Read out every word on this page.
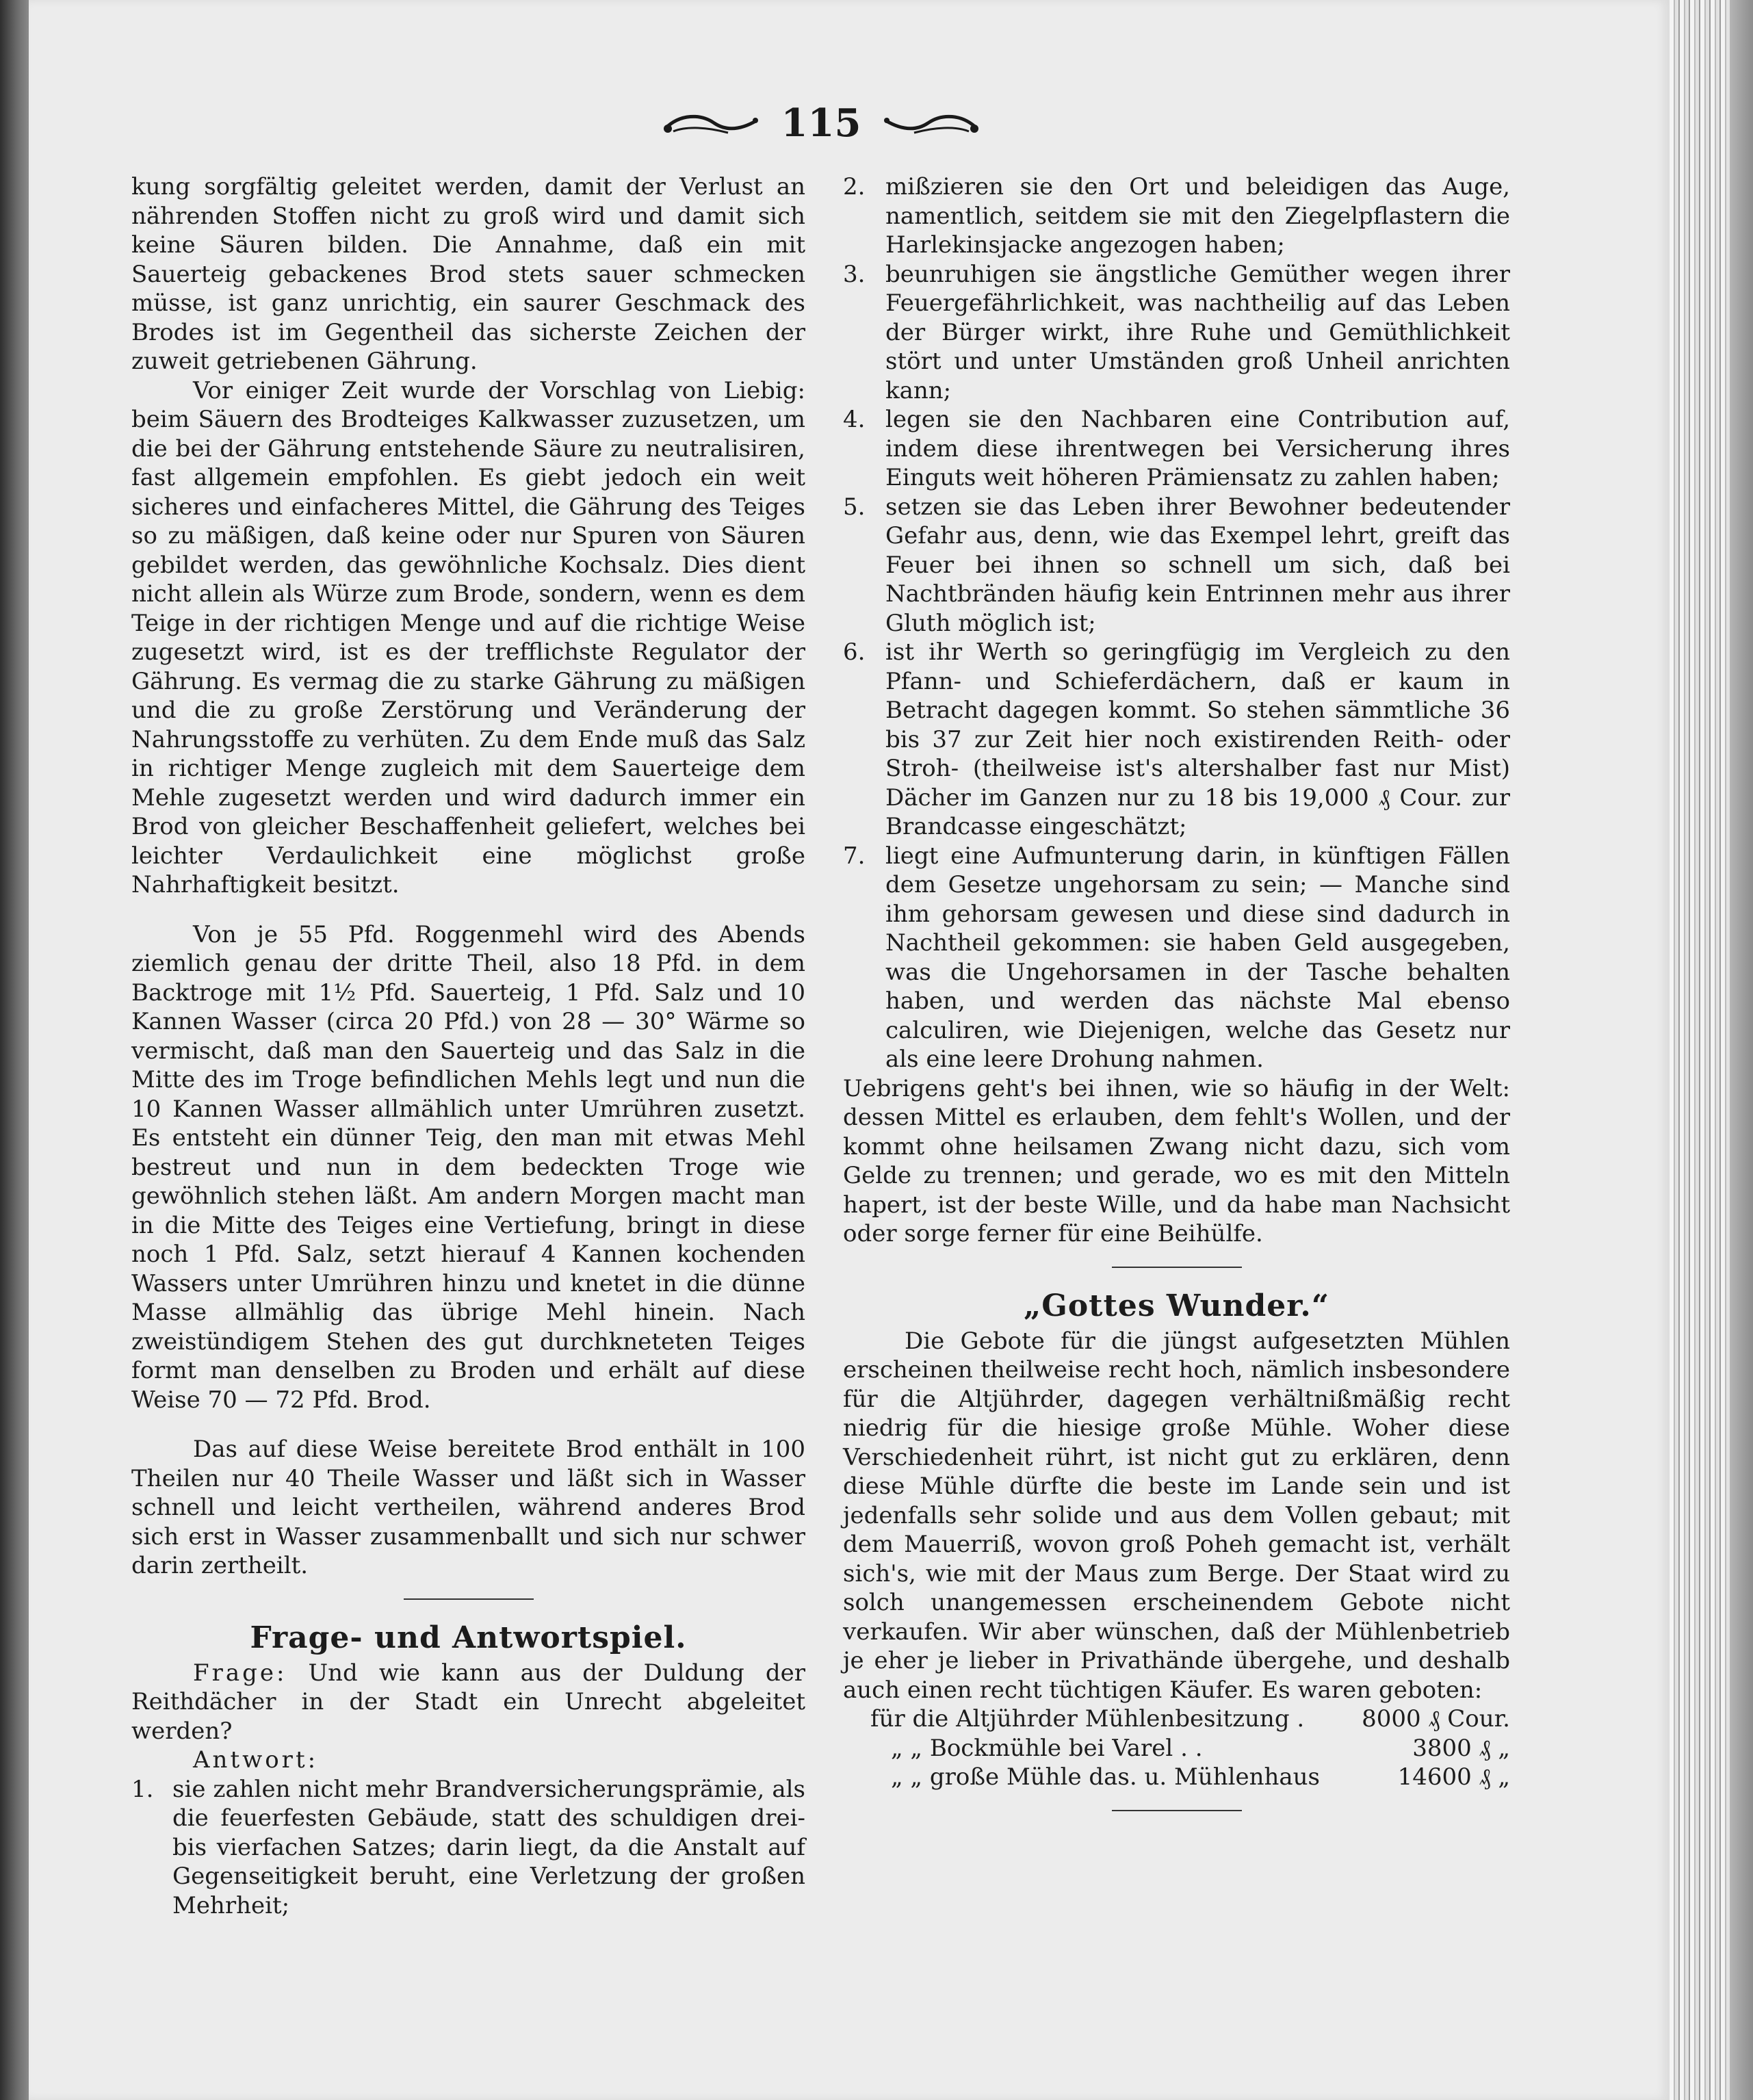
115

kung sorgfältig geleitet werden, damit der Verlust an nährenden Stoffen nicht zu groß wird und damit sich keine Säuren bilden. Die Annahme, daß ein mit Sauerteig gebackenes Brod stets sauer schmecken müsse, ist ganz unrichtig, ein saurer Geschmack des Brodes ist im Gegentheil das sicherste Zeichen der zuweit getriebenen Gährung.

Vor einiger Zeit wurde der Vorschlag von Liebig: beim Säuern des Brodteiges Kalkwasser zuzusetzen, um die bei der Gährung entstehende Säure zu neutralisiren, fast allgemein empfohlen. Es giebt jedoch ein weit sicheres und einfacheres Mittel, die Gährung des Teiges so zu mäßigen, daß keine oder nur Spuren von Säuren gebildet werden, das gewöhnliche Kochsalz. Dies dient nicht allein als Würze zum Brode, sondern, wenn es dem Teige in der richtigen Menge und auf die richtige Weise zugesetzt wird, ist es der trefflichste Regulator der Gährung. Es vermag die zu starke Gährung zu mäßigen und die zu große Zerstörung und Veränderung der Nahrungsstoffe zu verhüten. Zu dem Ende muß das Salz in richtiger Menge zugleich mit dem Sauerteige dem Mehle zugesetzt werden und wird dadurch immer ein Brod von gleicher Beschaffenheit geliefert, welches bei leichter Verdaulichkeit eine möglichst große Nahrhaftigkeit besitzt.

Von je 55 Pfd. Roggenmehl wird des Abends ziemlich genau der dritte Theil, also 18 Pfd. in dem Backtroge mit 1½ Pfd. Sauerteig, 1 Pfd. Salz und 10 Kannen Wasser (circa 20 Pfd.) von 28 — 30° Wärme so vermischt, daß man den Sauerteig und das Salz in die Mitte des im Troge befindlichen Mehls legt und nun die 10 Kannen Wasser allmählich unter Umrühren zusetzt. Es entsteht ein dünner Teig, den man mit etwas Mehl bestreut und nun in dem bedeckten Troge wie gewöhnlich stehen läßt. Am andern Morgen macht man in die Mitte des Teiges eine Vertiefung, bringt in diese noch 1 Pfd. Salz, setzt hierauf 4 Kannen kochenden Wassers unter Umrühren hinzu und knetet in die dünne Masse allmählig das übrige Mehl hinein. Nach zweistündigem Stehen des gut durchkneteten Teiges formt man denselben zu Broden und erhält auf diese Weise 70 — 72 Pfd. Brod.

Das auf diese Weise bereitete Brod enthält in 100 Theilen nur 40 Theile Wasser und läßt sich in Wasser schnell und leicht vertheilen, während anderes Brod sich erst in Wasser zusammenballt und sich nur schwer darin zertheilt.

Frage- und Antwortspiel.

Frage: Und wie kann aus der Duldung der Reithdächer in der Stadt ein Unrecht abgeleitet werden?

Antwort:

1. sie zahlen nicht mehr Brandversicherungsprämie, als die feuerfesten Gebäude, statt des schuldigen drei- bis vierfachen Satzes; darin liegt, da die Anstalt auf Gegenseitigkeit beruht, eine Verletzung der großen Mehrheit;
2. mißzieren sie den Ort und beleidigen das Auge, namentlich, seitdem sie mit den Ziegelpflastern die Harlekinsjacke angezogen haben;
3. beunruhigen sie ängstliche Gemüther wegen ihrer Feuergefährlichkeit, was nachtheilig auf das Leben der Bürger wirkt, ihre Ruhe und Gemüthlichkeit stört und unter Umständen groß Unheil anrichten kann;
4. legen sie den Nachbaren eine Contribution auf, indem diese ihrentwegen bei Versicherung ihres Einguts weit höheren Prämiensatz zu zahlen haben;
5. setzen sie das Leben ihrer Bewohner bedeutender Gefahr aus, denn, wie das Exempel lehrt, greift das Feuer bei ihnen so schnell um sich, daß bei Nachtbränden häufig kein Entrinnen mehr aus ihrer Gluth möglich ist;
6. ist ihr Werth so geringfügig im Vergleich zu den Pfann- und Schieferdächern, daß er kaum in Betracht dagegen kommt. So stehen sämmtliche 36 bis 37 zur Zeit hier noch existirenden Reith- oder Stroh- (theilweise ist's altershalber fast nur Mist) Dächer im Ganzen nur zu 18 bis 19,000 ₰ Cour. zur Brandcasse eingeschätzt;
7. liegt eine Aufmunterung darin, in künftigen Fällen dem Gesetze ungehorsam zu sein; — Manche sind ihm gehorsam gewesen und diese sind dadurch in Nachtheil gekommen: sie haben Geld ausgegeben, was die Ungehorsamen in der Tasche behalten haben, und werden das nächste Mal ebenso calculiren, wie Diejenigen, welche das Gesetz nur als eine leere Drohung nahmen.

Uebrigens geht's bei ihnen, wie so häufig in der Welt: dessen Mittel es erlauben, dem fehlt's Wollen, und der kommt ohne heilsamen Zwang nicht dazu, sich vom Gelde zu trennen; und gerade, wo es mit den Mitteln hapert, ist der beste Wille, und da habe man Nachsicht oder sorge ferner für eine Beihülfe.

„Gottes Wunder.“

Die Gebote für die jüngst aufgesetzten Mühlen erscheinen theilweise recht hoch, nämlich insbesondere für die Altjührder, dagegen verhältnißmäßig recht niedrig für die hiesige große Mühle. Woher diese Verschiedenheit rührt, ist nicht gut zu erklären, denn diese Mühle dürfte die beste im Lande sein und ist jedenfalls sehr solide und aus dem Vollen gebaut; mit dem Mauerriß, wovon groß Poheh gemacht ist, verhält sich's, wie mit der Maus zum Berge. Der Staat wird zu solch unangemessen erscheinendem Gebote nicht verkaufen. Wir aber wünschen, daß der Mühlenbetrieb je eher je lieber in Privathände übergehe, und deshalb auch einen recht tüchtigen Käufer. Es waren geboten:

für die Altjührder Mühlenbesitzung .	8000 ₰ Cour.
„ „ Bockmühle bei Varel . .	3800 ₰ „
„ „ große Mühle das. u. Mühlenhaus	14600 ₰ „
